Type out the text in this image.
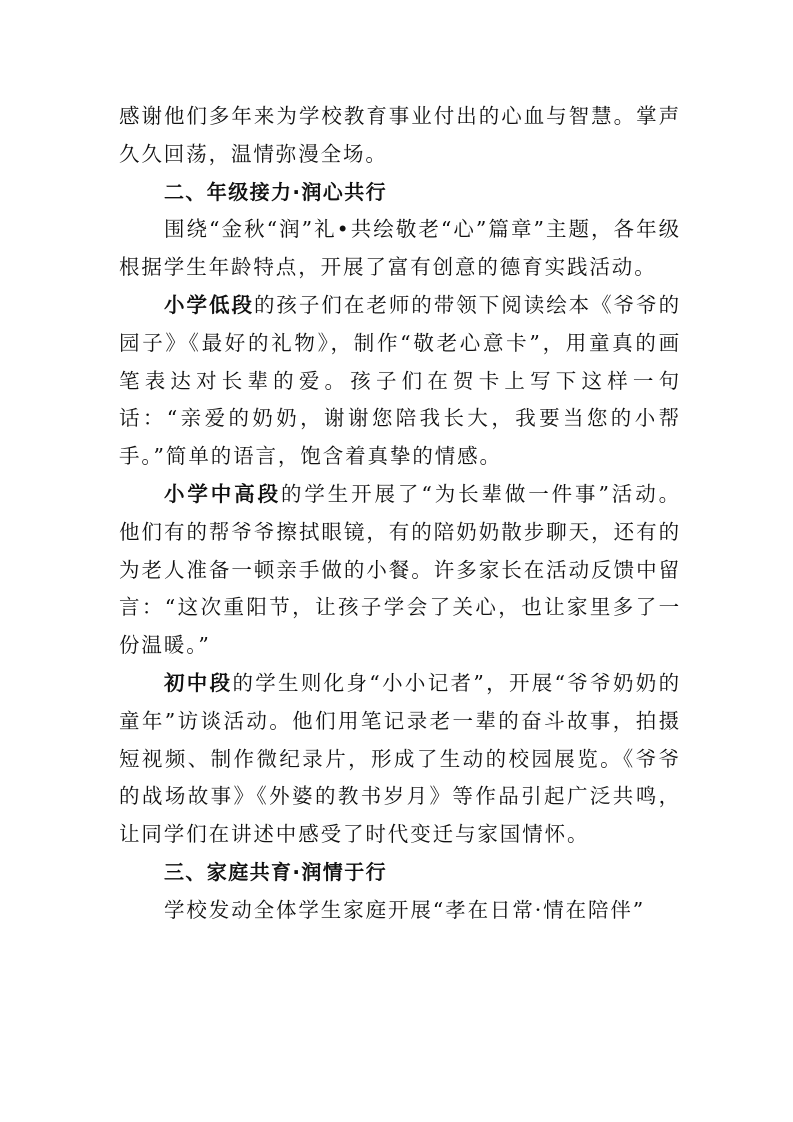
感谢他们多年来为学校教育事业付出的心血与智慧。掌声久久回荡，温情弥漫全场。

二、年级接力·润心共行

围绕“金秋“润”礼•共绘敬老“心”篇章”主题，各年级根据学生年龄特点，开展了富有创意的德育实践活动。

小学低段的孩子们在老师的带领下阅读绘本《爷爷的园子》《最好的礼物》，制作“敬老心意卡”，用童真的画笔表达对长辈的爱。孩子们在贺卡上写下这样一句话：“亲爱的奶奶，谢谢您陪我长大，我要当您的小帮手。”简单的语言，饱含着真挚的情感。

小学中高段的学生开展了“为长辈做一件事”活动。他们有的帮爷爷擦拭眼镜，有的陪奶奶散步聊天，还有的为老人准备一顿亲手做的小餐。许多家长在活动反馈中留言：“这次重阳节，让孩子学会了关心，也让家里多了一份温暖。”

初中段的学生则化身“小小记者”，开展“爷爷奶奶的童年”访谈活动。他们用笔记录老一辈的奋斗故事，拍摄短视频、制作微纪录片，形成了生动的校园展览。《爷爷的战场故事》《外婆的教书岁月》等作品引起广泛共鸣，让同学们在讲述中感受了时代变迁与家国情怀。

三、家庭共育·润情于行

学校发动全体学生家庭开展“孝在日常·情在陪伴”
